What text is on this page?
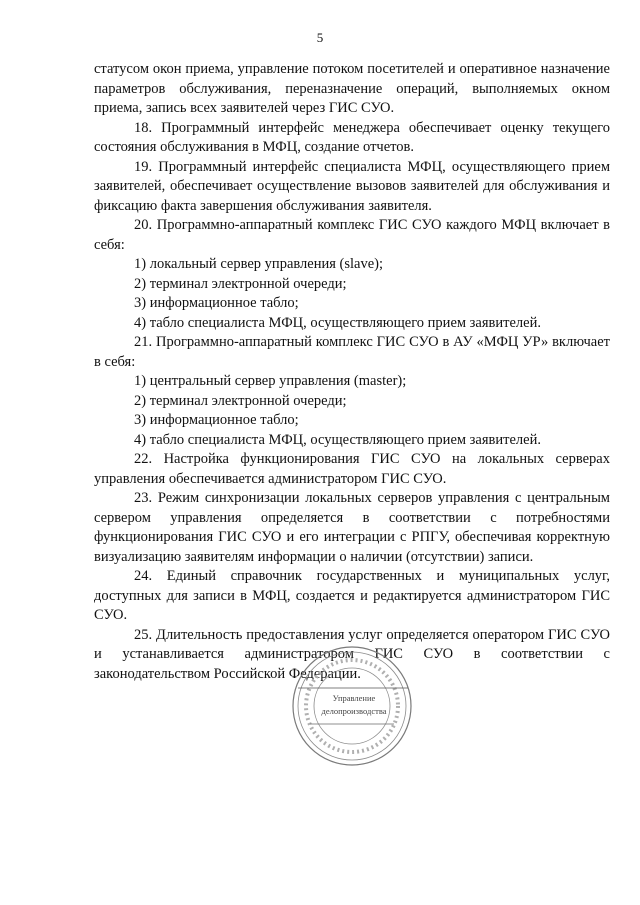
5

статусом окон приема, управление потоком посетителей и оперативное назначение параметров обслуживания, переназначение операций, выполняемых окном приема, запись всех заявителей через ГИС СУО.

18. Программный интерфейс менеджера обеспечивает оценку текущего состояния обслуживания в МФЦ, создание отчетов.

19. Программный интерфейс специалиста МФЦ, осуществляющего прием заявителей, обеспечивает осуществление вызовов заявителей для обслуживания и фиксацию факта завершения обслуживания заявителя.

20. Программно-аппаратный комплекс ГИС СУО каждого МФЦ включает в себя:

1) локальный сервер управления (slave);

2) терминал электронной очереди;

3) информационное табло;

4) табло специалиста МФЦ, осуществляющего прием заявителей.

21. Программно-аппаратный комплекс ГИС СУО в АУ «МФЦ УР» включает в себя:

1) центральный сервер управления (master);

2) терминал электронной очереди;

3) информационное табло;

4) табло специалиста МФЦ, осуществляющего прием заявителей.

22. Настройка функционирования ГИС СУО на локальных серверах управления обеспечивается администратором ГИС СУО.

23. Режим синхронизации локальных серверов управления с центральным сервером управления определяется в соответствии с потребностями функционирования ГИС СУО и его интеграции с РПГУ, обеспечивая корректную визуализацию заявителям информации о наличии (отсутствии) записи.

24. Единый справочник государственных и муниципальных услуг, доступных для записи в МФЦ, создается и редактируется администратором ГИС СУО.

25. Длительность предоставления услуг определяется оператором ГИС СУО и устанавливается администратором ГИС СУО в соответствии с законодательством Российской Федерации.

Управление
делопроизводства
